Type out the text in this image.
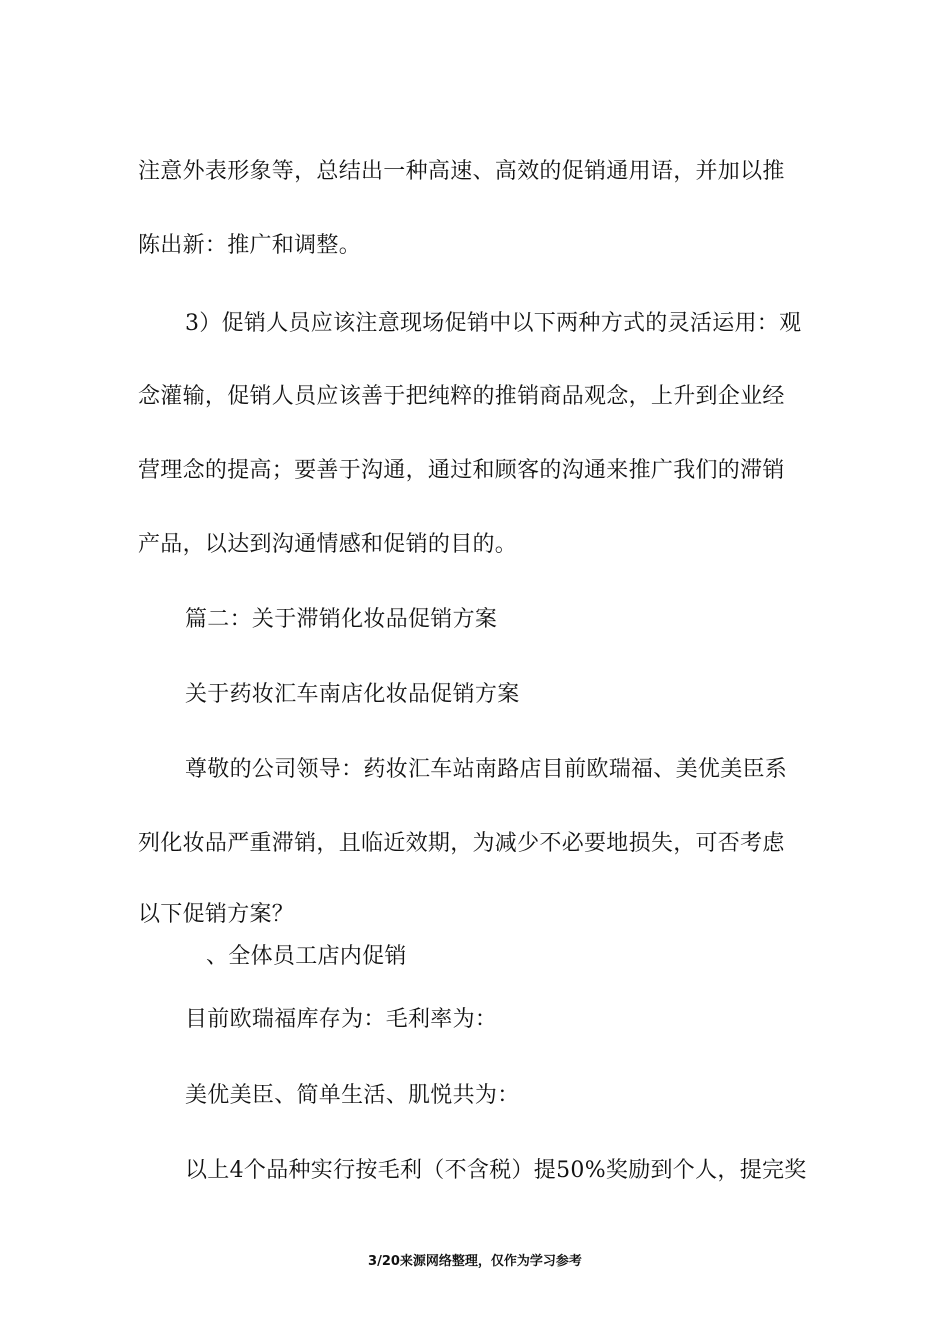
注意外表形象等，总结出一种高速、高效的促销通用语，并加以推
陈出新：推广和调整。
3）促销人员应该注意现场促销中以下两种方式的灵活运用：观
念灌输，促销人员应该善于把纯粹的推销商品观念，上升到企业经
营理念的提高；要善于沟通，通过和顾客的沟通来推广我们的滞销
产品，以达到沟通情感和促销的目的。
篇二：关于滞销化妆品促销方案
关于药妆汇车南店化妆品促销方案
尊敬的公司领导：药妆汇车站南路店目前欧瑞福、美优美臣系
列化妆品严重滞销，且临近效期，为减少不必要地损失，可否考虑
以下促销方案？
、全体员工店内促销
目前欧瑞福库存为：毛利率为：
美优美臣、简单生活、肌悦共为：
以上4个品种实行按毛利（不含税）提50%奖励到个人，提完奖
3/20来源网络整理，仅作为学习参考
